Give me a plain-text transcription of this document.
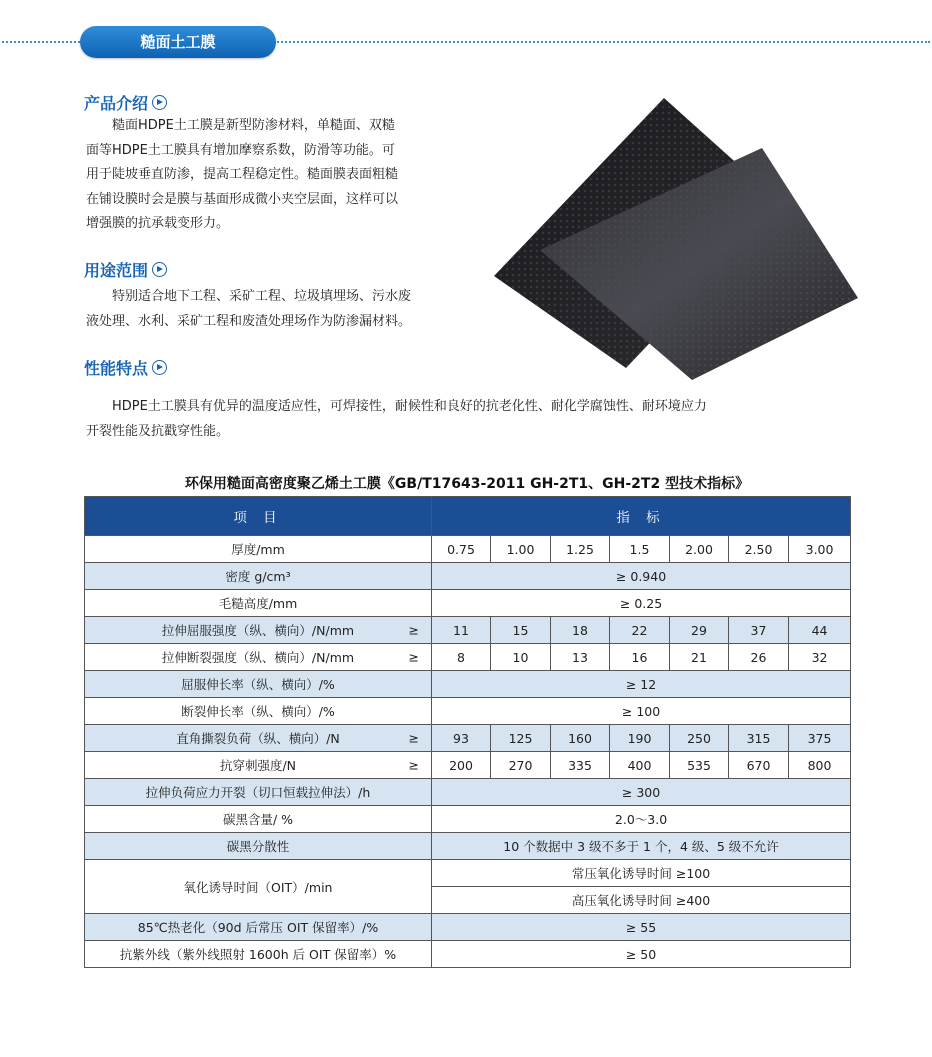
糙面土工膜
产品介绍
糙面HDPE土工膜是新型防渗材料，单糙面、双糙
面等HDPE土工膜具有增加摩察系数，防滑等功能。可
用于陡坡垂直防渗，提高工程稳定性。糙面膜表面粗糙
在铺设膜时会是膜与基面形成微小夹空层面，这样可以
增强膜的抗承载变形力。
用途范围
特别适合地下工程、采矿工程、垃圾填埋场、污水废
液处理、水利、采矿工程和废渣处理场作为防渗漏材料。
性能特点
HDPE土工膜具有优异的温度适应性，可焊接性，耐候性和良好的抗老化性、耐化学腐蚀性、耐环境应力
开裂性能及抗戳穿性能。
环保用糙面高密度聚乙烯土工膜《GB/T17643-2011 GH-2T1、GH-2T2 型技术指标》
项 目	指 标						
厚度/mm	0.75	1.00	1.25	1.5	2.00	2.50	3.00
密度 g/cm³	≥ 0.940						
毛糙高度/mm	≥ 0.25						
拉伸屈服强度（纵、横向）/N/mm ≥	11	15	18	22	29	37	44
拉伸断裂强度（纵、横向）/N/mm ≥	8	10	13	16	21	26	32
屈服伸长率（纵、横向）/%	≥ 12						
断裂伸长率（纵、横向）/%	≥ 100						
直角撕裂负荷（纵、横向）/N ≥	93	125	160	190	250	315	375
抗穿刺强度/N ≥	200	270	335	400	535	670	800
拉伸负荷应力开裂（切口恒载拉伸法）/h	≥ 300						
碳黑含量/ %	2.0～3.0						
碳黑分散性	10 个数据中 3 级不多于 1 个，4 级、5 级不允许						
氧化诱导时间（OIT）/min	常压氧化诱导时间 ≥100						
	高压氧化诱导时间 ≥400						
85℃热老化（90d 后常压 OIT 保留率）/%	≥ 55						
抗紫外线（紫外线照射 1600h 后 OIT 保留率）%	≥ 50						
